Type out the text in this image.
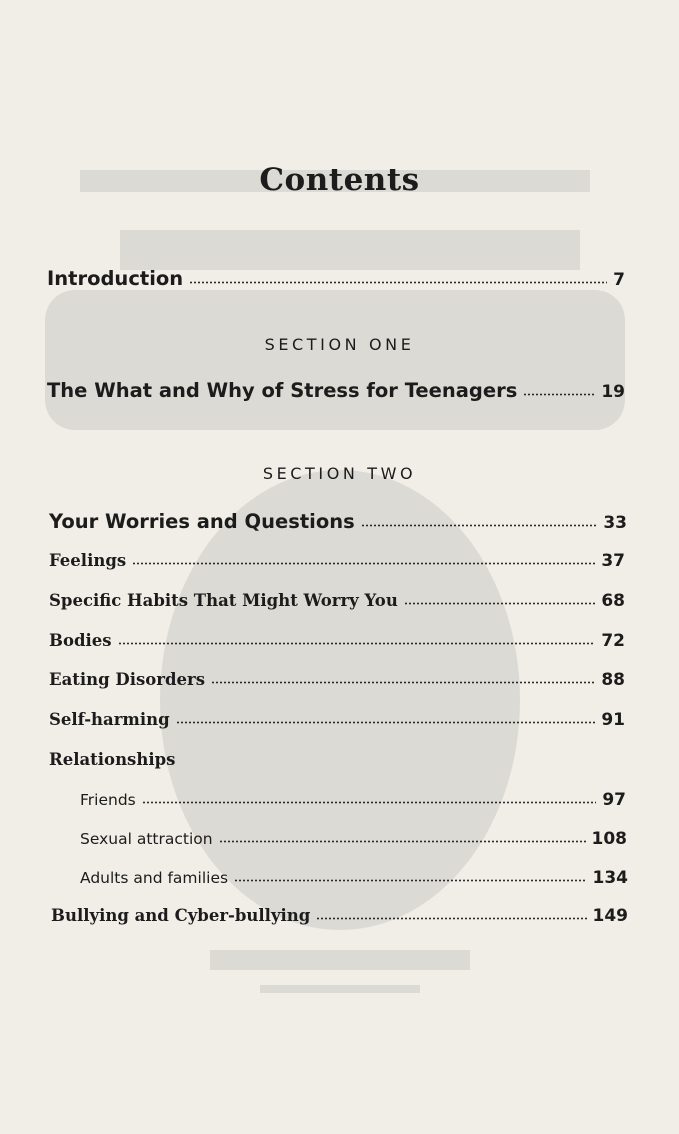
Contents
Introduction	7
SECTION ONE
The What and Why of Stress for Teenagers	19
SECTION TWO
Your Worries and Questions	33
Feelings	37
Specific Habits That Might Worry You	68
Bodies	72
Eating Disorders	88
Self-harming	91
Relationships
Friends	97
Sexual attraction	108
Adults and families	134
Bullying and Cyber-bullying	149
